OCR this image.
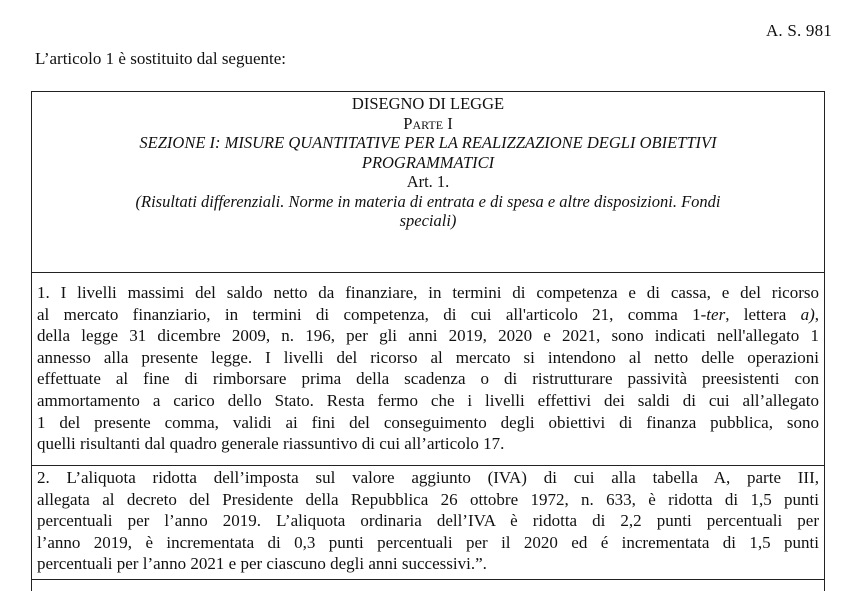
A. S. 981
L’articolo 1 è sostituito dal seguente:
DISEGNO DI LEGGE
Parte I
SEZIONE I: MISURE QUANTITATIVE PER LA REALIZZAZIONE DEGLI OBIETTIVI
PROGRAMMATICI
Art. 1.
(Risultati differenziali. Norme in materia di entrata e di spesa e altre disposizioni. Fondi
speciali)
1. I livelli massimi del saldo netto da finanziare, in termini di competenza e di cassa, e del ricorso
al mercato finanziario, in termini di competenza, di cui all'articolo 21, comma 1-ter, lettera a),
della legge 31 dicembre 2009, n. 196, per gli anni 2019, 2020 e 2021, sono indicati nell'allegato 1
annesso alla presente legge. I livelli del ricorso al mercato si intendono al netto delle operazioni
effettuate al fine di rimborsare prima della scadenza o di ristrutturare passività preesistenti con
ammortamento a carico dello Stato. Resta fermo che i livelli effettivi dei saldi di cui all’allegato
1 del presente comma, validi ai fini del conseguimento degli obiettivi di finanza pubblica, sono
quelli risultanti dal quadro generale riassuntivo di cui all’articolo 17.
2. L’aliquota ridotta dell’imposta sul valore aggiunto (IVA) di cui alla tabella A, parte III,
allegata al decreto del Presidente della Repubblica 26 ottobre 1972, n. 633, è ridotta di 1,5 punti
percentuali per l’anno 2019. L’aliquota ordinaria dell’IVA è ridotta di 2,2 punti percentuali per
l’anno 2019, è incrementata di 0,3 punti percentuali per il 2020 ed é incrementata di 1,5 punti
percentuali per l’anno 2021 e per ciascuno degli anni successivi.”.
